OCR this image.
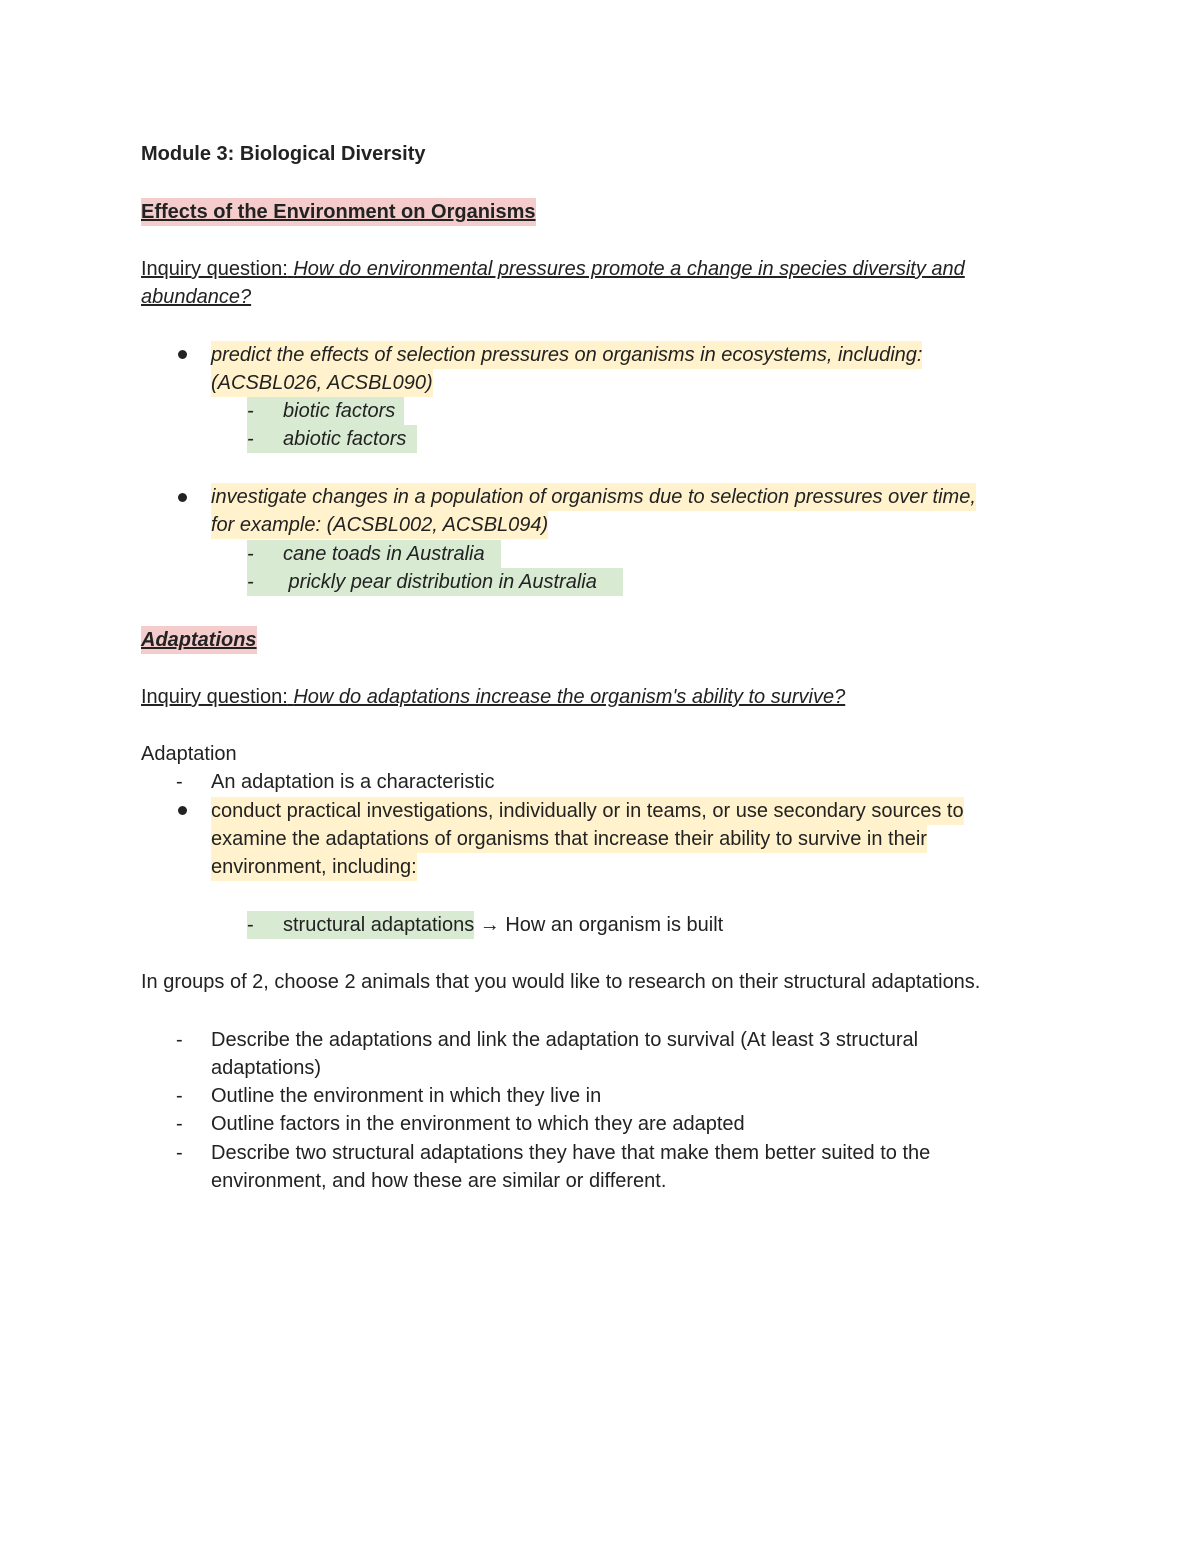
Module 3: Biological Diversity
Effects of the Environment on Organisms
Inquiry question: How do environmental pressures promote a change in species diversity and
abundance?
predict the effects of selection pressures on organisms in ecosystems, including:
(ACSBL026, ACSBL090)
- biotic factors
- abiotic factors
investigate changes in a population of organisms due to selection pressures over time,
for example: (ACSBL002, ACSBL094)
- cane toads in Australia
- prickly pear distribution in Australia
Adaptations
Inquiry question: How do adaptations increase the organism's ability to survive?
Adaptation
- An adaptation is a characteristic
conduct practical investigations, individually or in teams, or use secondary sources to
examine the adaptations of organisms that increase their ability to survive in their
environment, including:
- structural adaptations → How an organism is built
In groups of 2, choose 2 animals that you would like to research on their structural adaptations.
- Describe the adaptations and link the adaptation to survival (At least 3 structural
adaptations)
- Outline the environment in which they live in
- Outline factors in the environment to which they are adapted
- Describe two structural adaptations they have that make them better suited to the
environment, and how these are similar or different.
